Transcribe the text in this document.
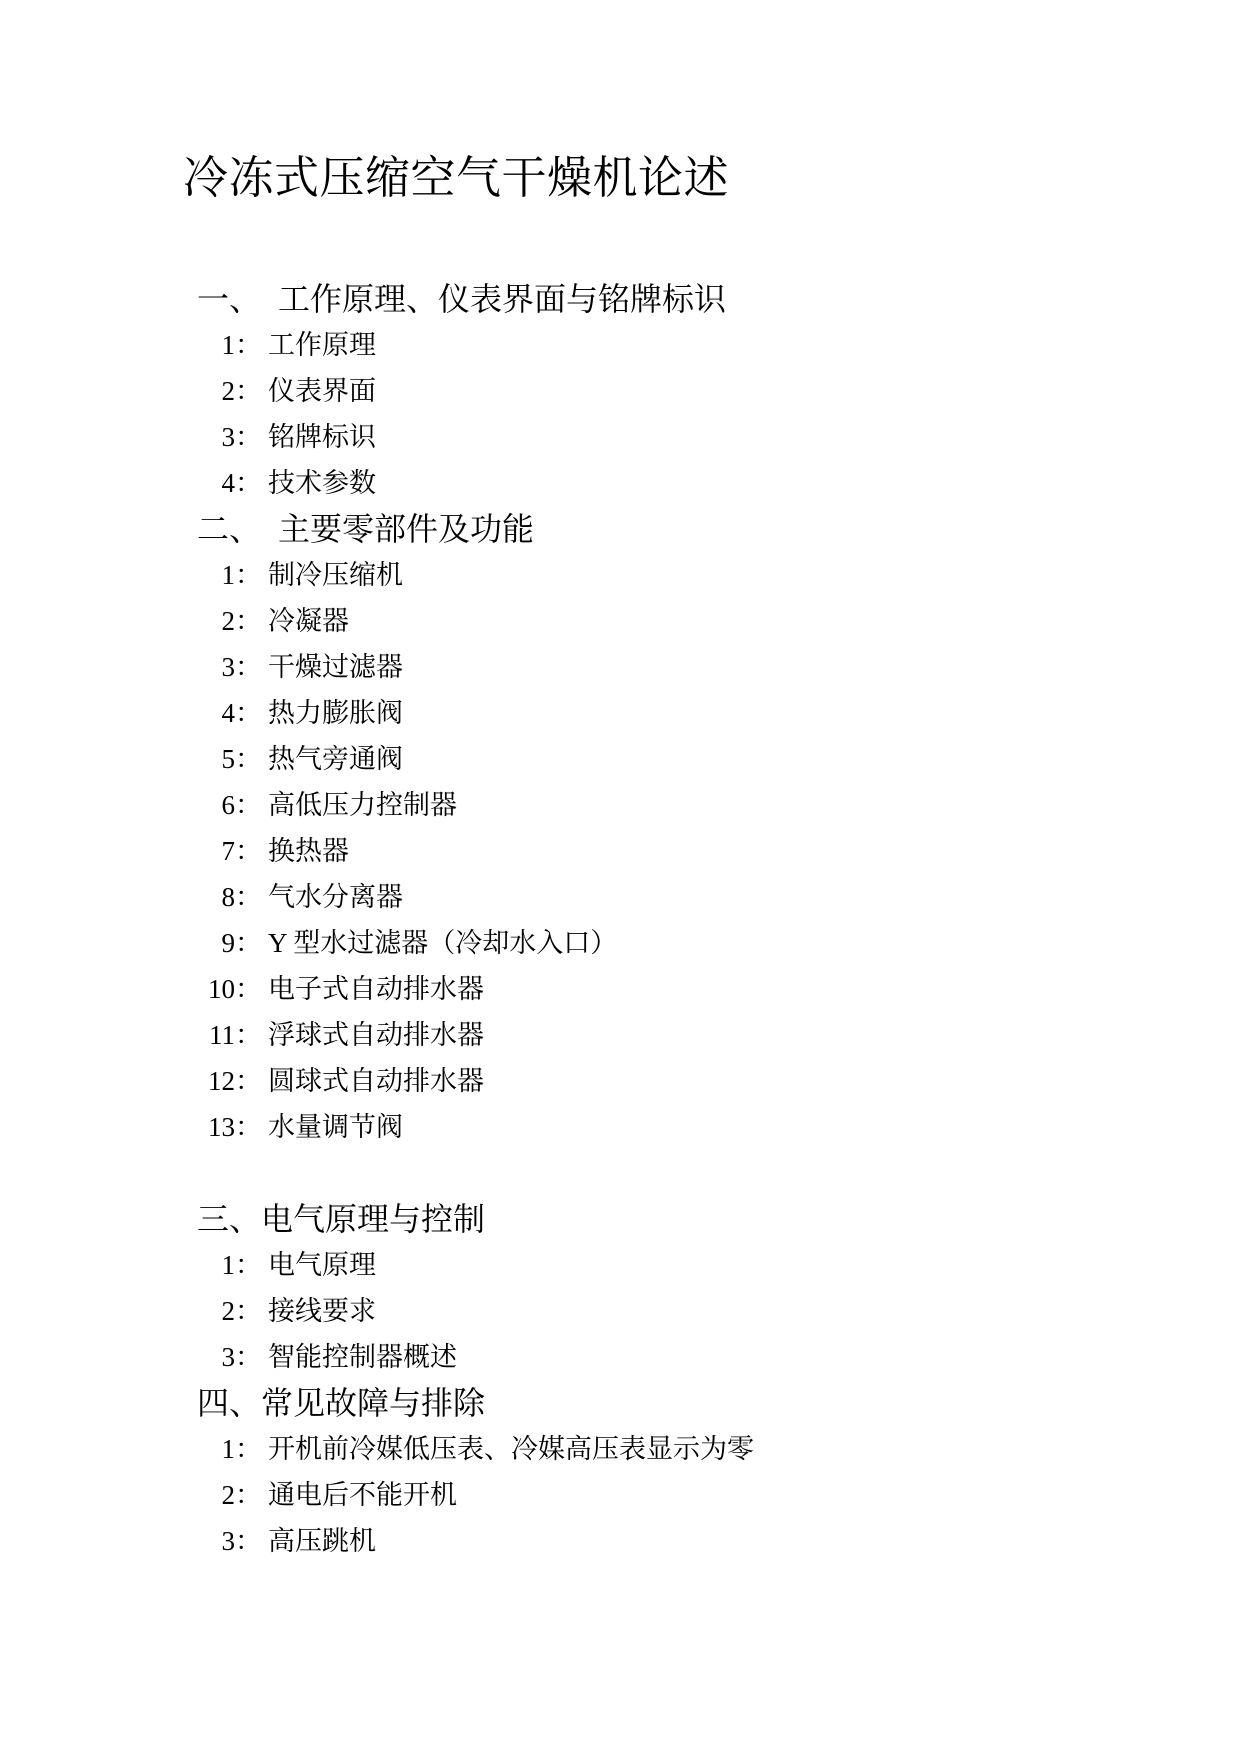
冷冻式压缩空气干燥机论述
一、 工作原理、仪表界面与铭牌标识
1： 工作原理
2： 仪表界面
3： 铭牌标识
4： 技术参数
二、 主要零部件及功能
1： 制冷压缩机
2： 冷凝器
3： 干燥过滤器
4： 热力膨胀阀
5： 热气旁通阀
6： 高低压力控制器
7： 换热器
8： 气水分离器
9： Y 型水过滤器（冷却水入口）
10： 电子式自动排水器
11： 浮球式自动排水器
12： 圆球式自动排水器
13： 水量调节阀
三、电气原理与控制
1： 电气原理
2： 接线要求
3： 智能控制器概述
四、常见故障与排除
1： 开机前冷媒低压表、冷媒高压表显示为零
2： 通电后不能开机
3： 高压跳机
